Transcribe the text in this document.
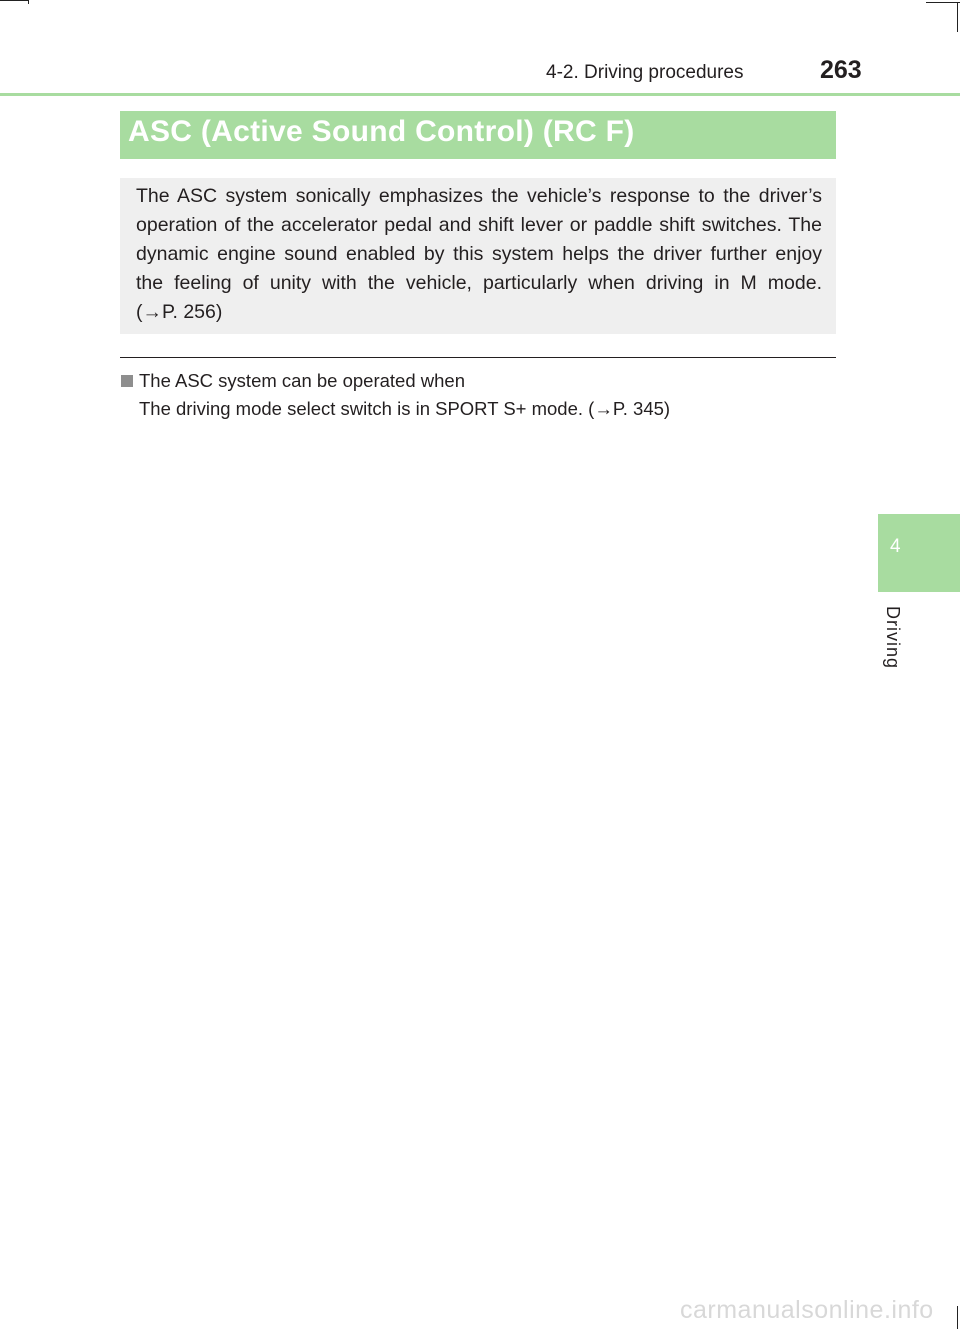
4-2. Driving procedures	263
ASC (Active Sound Control) (RC F)
The ASC system sonically emphasizes the vehicle’s response to the driver’s
operation of the accelerator pedal and shift lever or paddle shift switches. The
dynamic engine sound enabled by this system helps the driver further enjoy
the feeling of unity with the vehicle, particularly when driving in M mode.
(→P. 256)
The ASC system can be operated when
The driving mode select switch is in SPORT S+ mode. (→P. 345)
4
Driving
carmanualsonline.info
